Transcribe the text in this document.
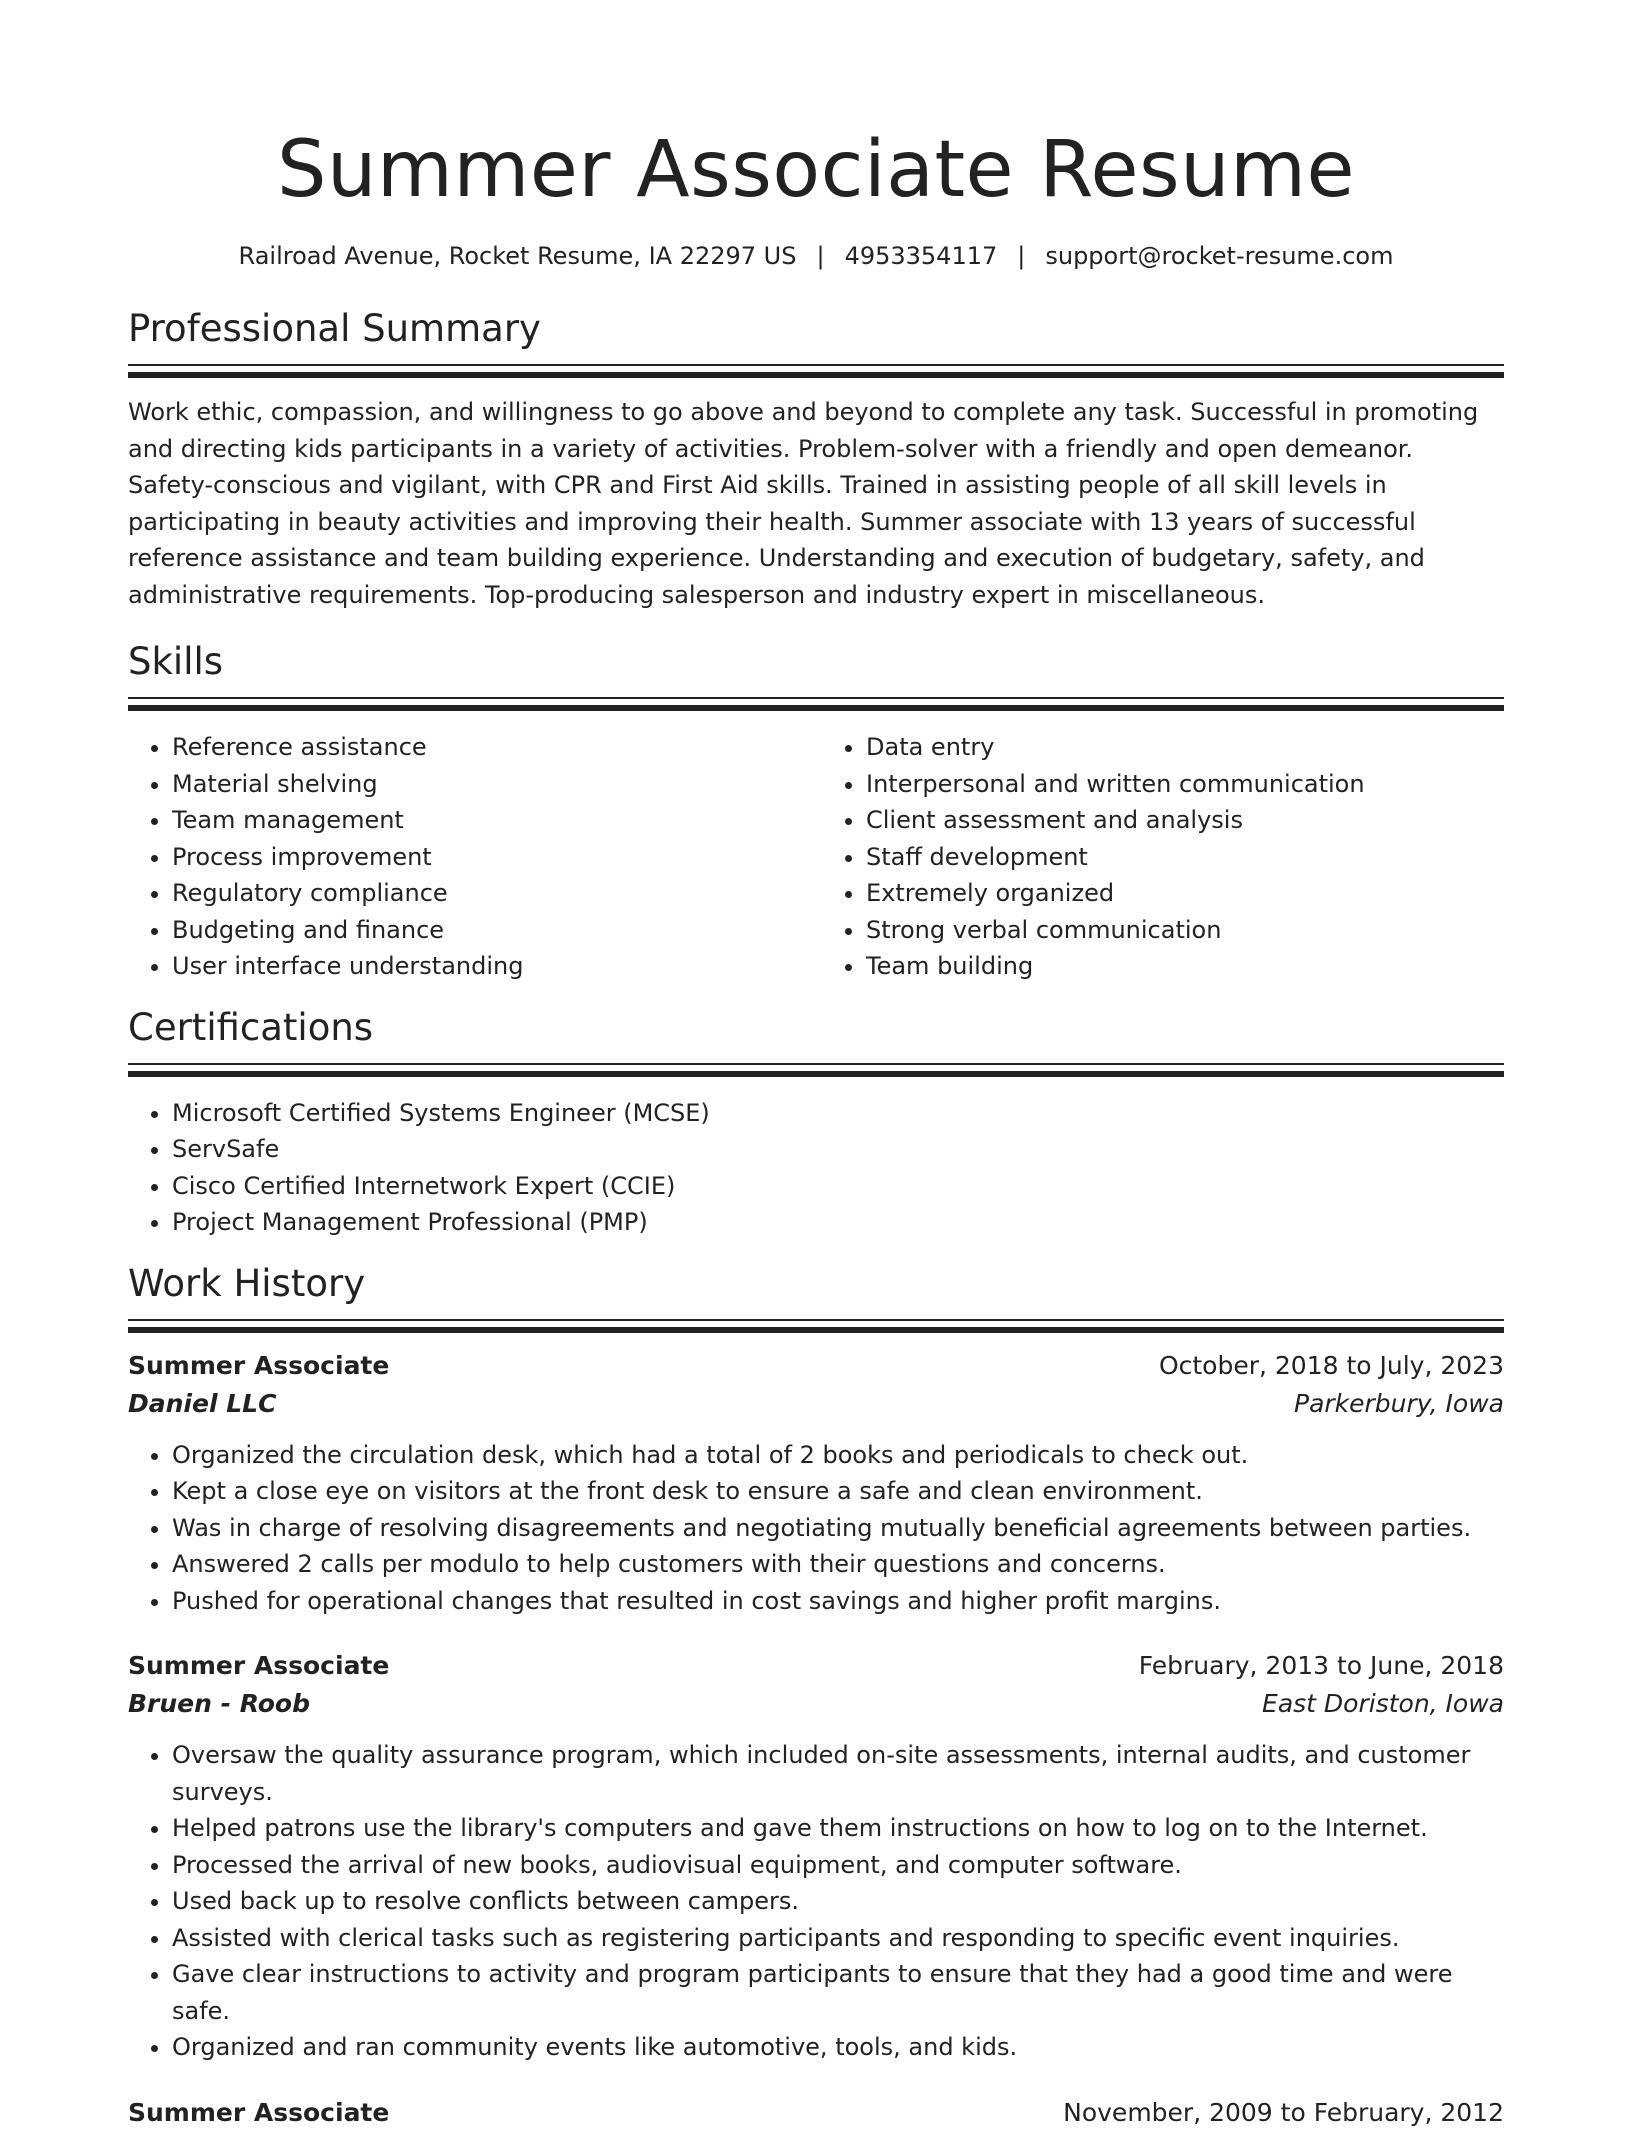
Summer Associate Resume
Railroad Avenue, Rocket Resume, IA 22297 US | 4953354117 | support@rocket-resume.com
Professional Summary

Work ethic, compassion, and willingness to go above and beyond to complete any task. Successful in promoting and directing kids participants in a variety of activities. Problem-solver with a friendly and open demeanor. Safety-conscious and vigilant, with CPR and First Aid skills. Trained in assisting people of all skill levels in participating in beauty activities and improving their health. Summer associate with 13 years of successful reference assistance and team building experience. Understanding and execution of budgetary, safety, and administrative requirements. Top-producing salesperson and industry expert in miscellaneous.

Skills
• Reference assistance
• Material shelving
• Team management
• Process improvement
• Regulatory compliance
• Budgeting and finance
• User interface understanding
• Data entry
• Interpersonal and written communication
• Client assessment and analysis
• Staff development
• Extremely organized
• Strong verbal communication
• Team building
Certifications
• Microsoft Certified Systems Engineer (MCSE)
• ServSafe
• Cisco Certified Internetwork Expert (CCIE)
• Project Management Professional (PMP)
Work History
Summer Associate	October, 2018 to July, 2023
Daniel LLC	Parkerbury, Iowa
• Organized the circulation desk, which had a total of 2 books and periodicals to check out.
• Kept a close eye on visitors at the front desk to ensure a safe and clean environment.
• Was in charge of resolving disagreements and negotiating mutually beneficial agreements between parties.
• Answered 2 calls per modulo to help customers with their questions and concerns.
• Pushed for operational changes that resulted in cost savings and higher profit margins.
Summer Associate	February, 2013 to June, 2018
Bruen - Roob	East Doriston, Iowa
• Oversaw the quality assurance program, which included on-site assessments, internal audits, and customer surveys.
• Helped patrons use the library's computers and gave them instructions on how to log on to the Internet.
• Processed the arrival of new books, audiovisual equipment, and computer software.
• Used back up to resolve conflicts between campers.
• Assisted with clerical tasks such as registering participants and responding to specific event inquiries.
• Gave clear instructions to activity and program participants to ensure that they had a good time and were safe.
• Organized and ran community events like automotive, tools, and kids.
Summer Associate	November, 2009 to February, 2012
